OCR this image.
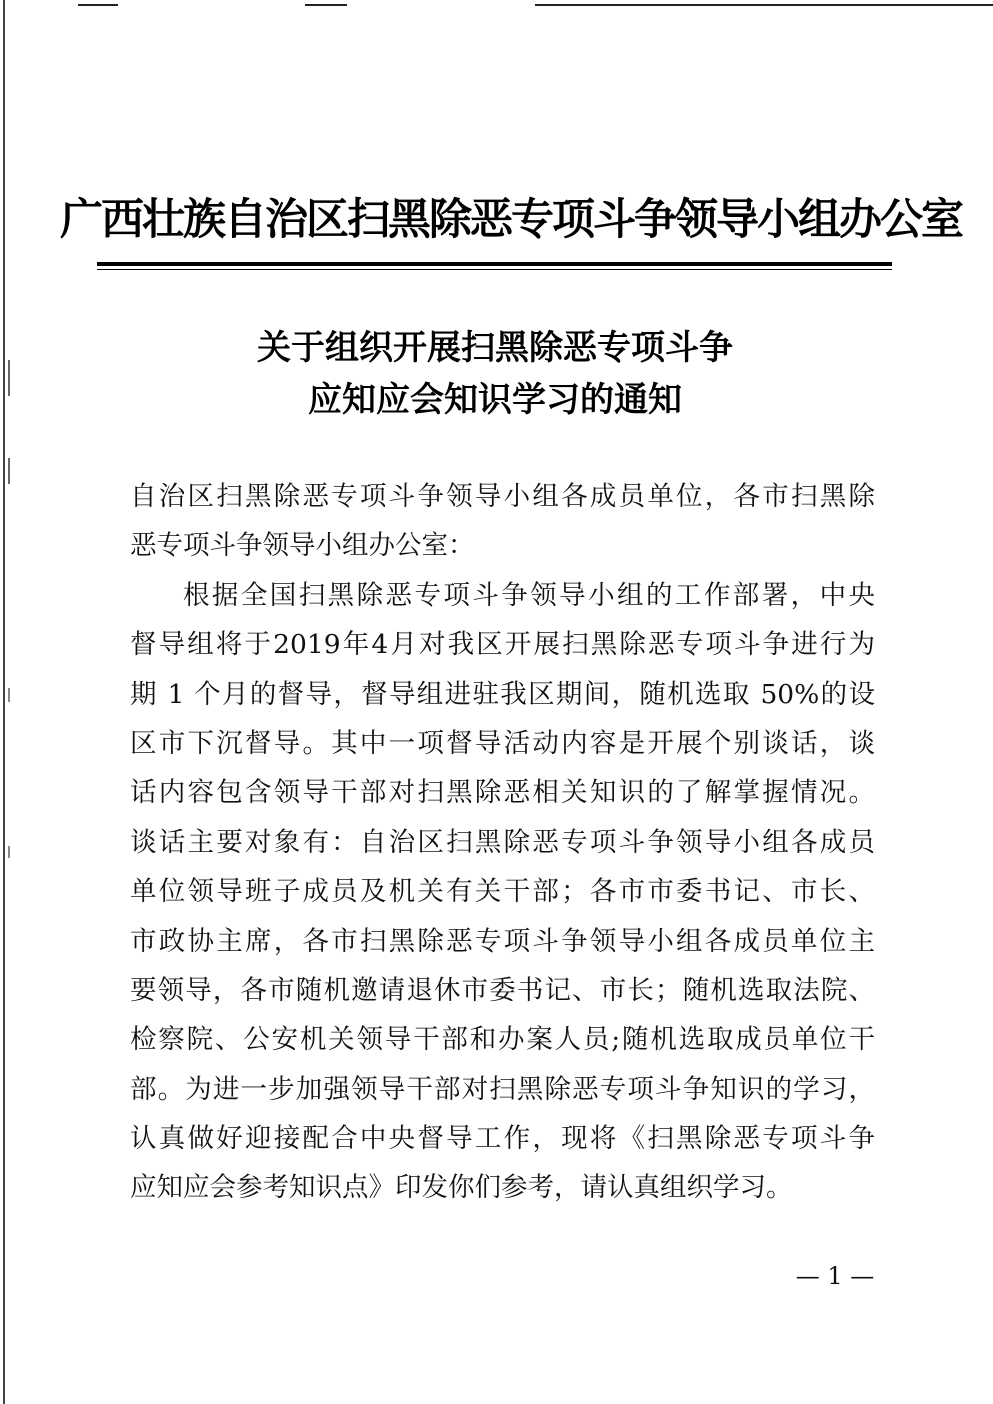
广西壮族自治区扫黑除恶专项斗争领导小组办公室
关于组织开展扫黑除恶专项斗争
应知应会知识学习的通知
自治区扫黑除恶专项斗争领导小组各成员单位，各市扫黑除
恶专项斗争领导小组办公室：
根据全国扫黑除恶专项斗争领导小组的工作部署，中央
督导组将于2019年4月对我区开展扫黑除恶专项斗争进行为
期 1 个月的督导，督导组进驻我区期间，随机选取 50%的设
区市下沉督导。其中一项督导活动内容是开展个别谈话，谈
话内容包含领导干部对扫黑除恶相关知识的了解掌握情况。
谈话主要对象有：自治区扫黑除恶专项斗争领导小组各成员
单位领导班子成员及机关有关干部；各市市委书记、市长、
市政协主席，各市扫黑除恶专项斗争领导小组各成员单位主
要领导，各市随机邀请退休市委书记、市长；随机选取法院、
检察院、公安机关领导干部和办案人员;随机选取成员单位干
部。为进一步加强领导干部对扫黑除恶专项斗争知识的学习，
认真做好迎接配合中央督导工作，现将《扫黑除恶专项斗争
应知应会参考知识点》印发你们参考，请认真组织学习。
— 1 —
